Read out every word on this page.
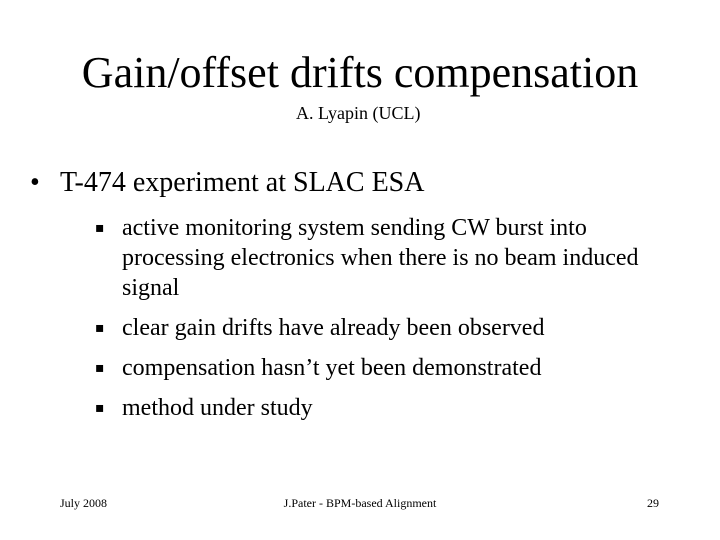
Gain/offset drifts compensation
A. Lyapin (UCL)
• T-474 experiment at SLAC ESA
▪ active monitoring system sending CW burst into processing electronics when there is no beam induced signal
▪ clear gain drifts have already been observed
▪ compensation hasn’t yet been demonstrated
▪ method under study
July 2008	J.Pater - BPM-based Alignment	29
